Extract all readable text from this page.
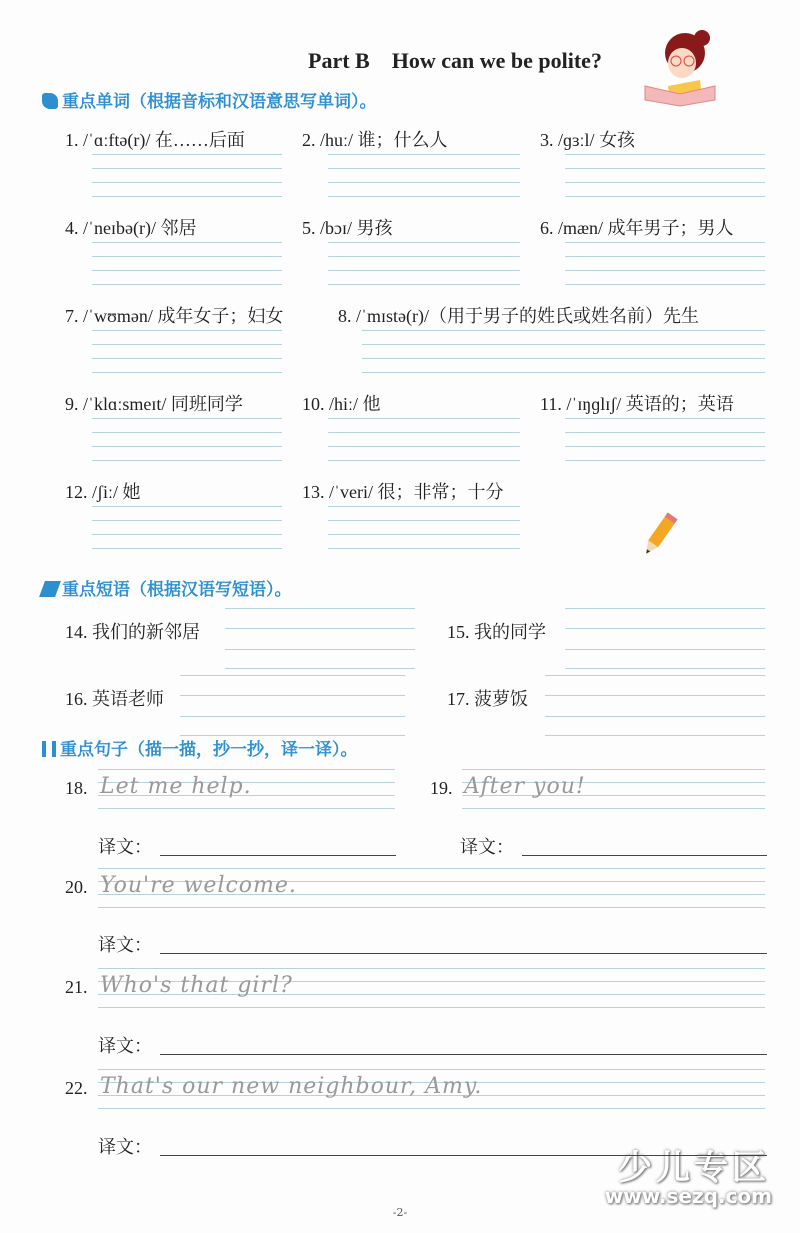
Part B　How can we be polite?
重点单词（根据音标和汉语意思写单词）。
重点短语（根据汉语写短语）。
重点句子（描一描，抄一抄，译一译）。
-2-
少儿专区
www.sezq.com
1. /ˈɑːftə(r)/ 在……后面	2. /huː/ 谁；什么人	3. /ɡɜːl/ 女孩
4. /ˈneɪbə(r)/ 邻居	5. /bɔɪ/ 男孩	6. /mæn/ 成年男子；男人
7. /ˈwʊmən/ 成年女子；妇女	8. /ˈmɪstə(r)/（用于男子的姓氏或姓名前）先生
9. /ˈklɑːsmeɪt/ 同班同学	10. /hiː/ 他	11. /ˈɪŋɡlɪʃ/ 英语的；英语
12. /ʃiː/ 她	13. /ˈveri/ 很；非常；十分
14. 我们的新邻居	15. 我的同学
16. 英语老师	17. 菠萝饭
18. Let me help.
译文：
19. After you!
译文：
20. You're welcome.
译文：
21. Who's that girl?
译文：
22. That's our new neighbour, Amy.
译文：
